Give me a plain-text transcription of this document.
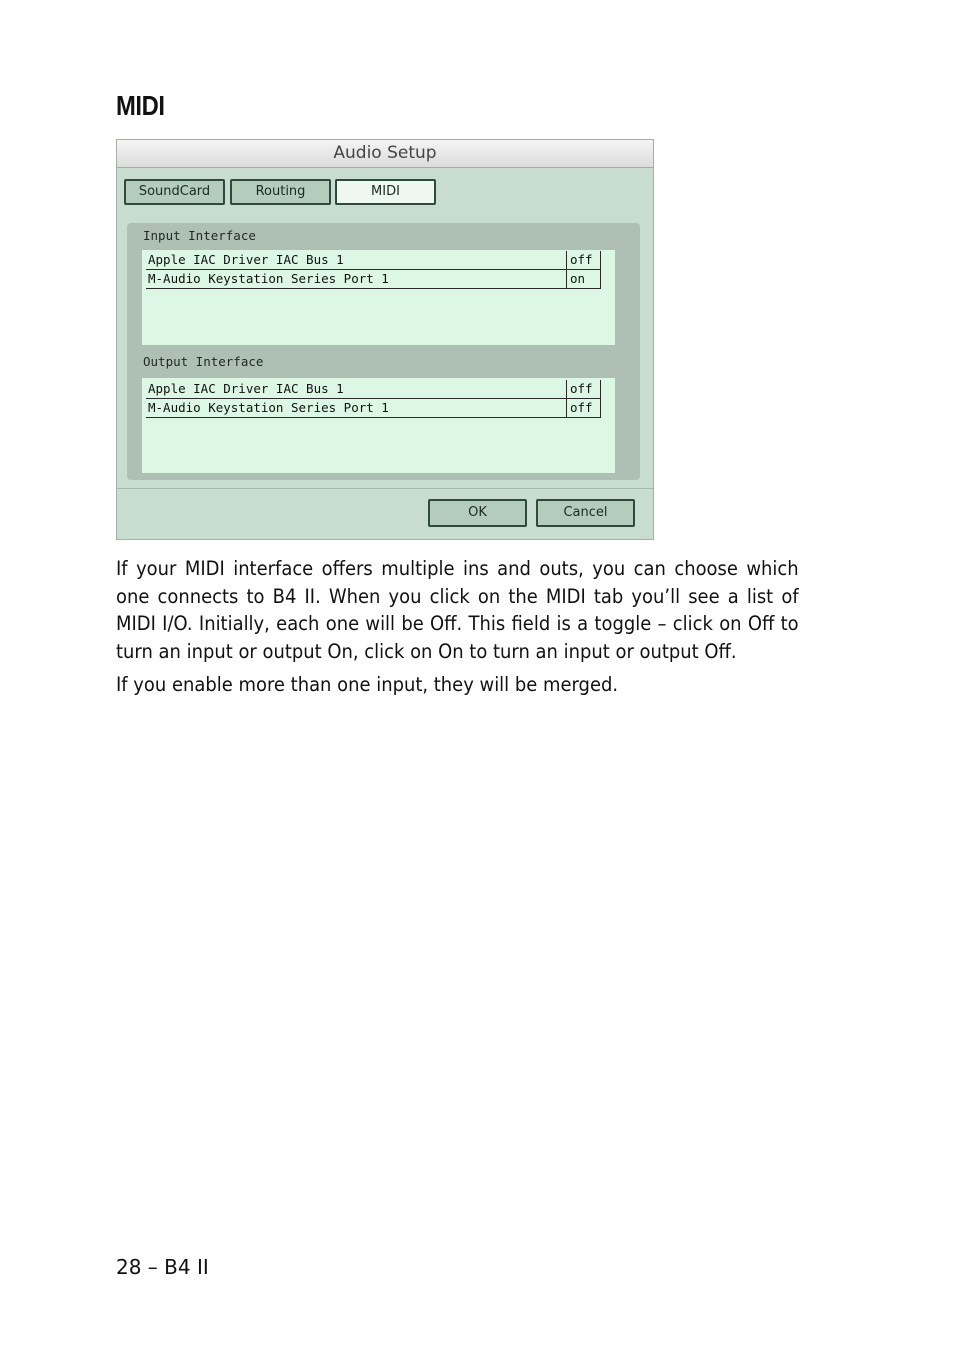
MIDI
Audio Setup
SoundCard	Routing	MIDI
Input Interface
Apple IAC Driver IAC Bus 1	off
M-Audio Keystation Series Port 1	on
Output Interface
Apple IAC Driver IAC Bus 1	off
M-Audio Keystation Series Port 1	off
OK	Cancel

If your MIDI interface offers multiple ins and outs, you can choose which one connects to B4 II. When you click on the MIDI tab you’ll see a list of MIDI I/O. Initially, each one will be Off. This field is a toggle – click on Off to turn an input or output On, click on On to turn an input or output Off.

If you enable more than one input, they will be merged.

28 – B4 II
